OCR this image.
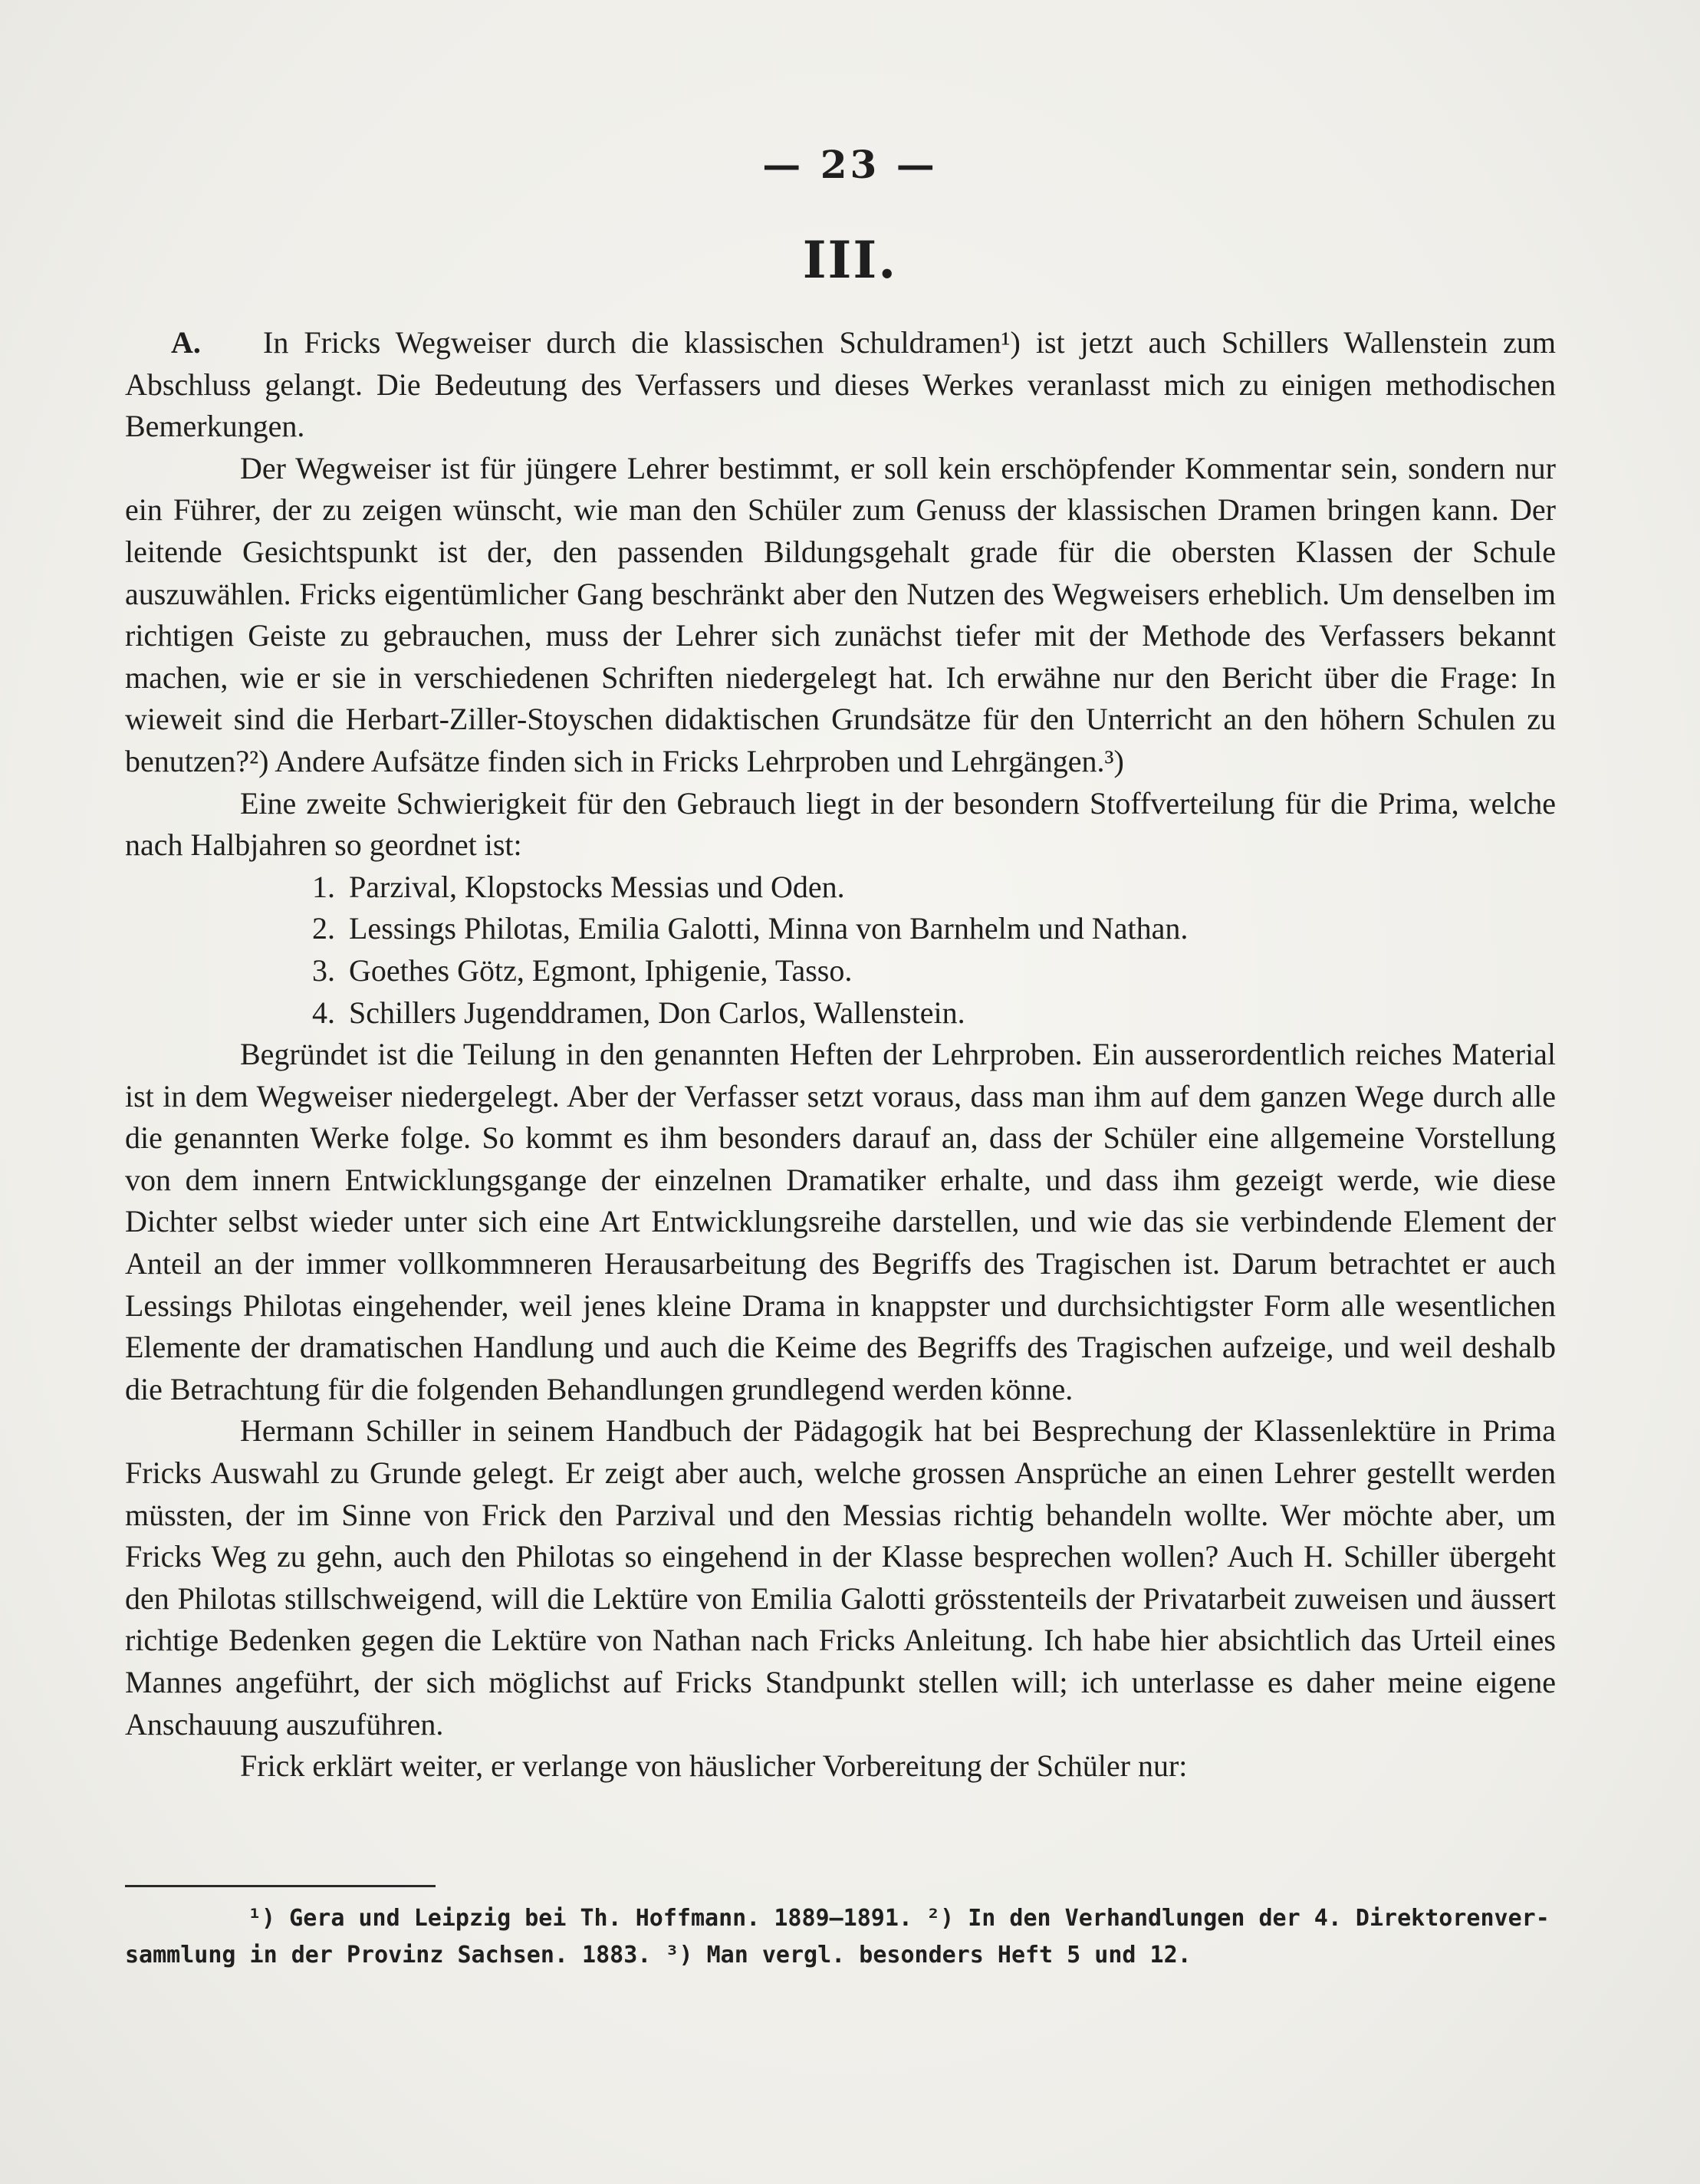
— 23 —
III.

A. In Fricks Wegweiser durch die klassischen Schuldramen¹) ist jetzt auch Schillers Wallenstein zum Abschluss gelangt. Die Bedeutung des Verfassers und dieses Werkes veranlasst mich zu einigen methodischen Bemerkungen.

Der Wegweiser ist für jüngere Lehrer bestimmt, er soll kein erschöpfender Kommentar sein, sondern nur ein Führer, der zu zeigen wünscht, wie man den Schüler zum Genuss der klassischen Dramen bringen kann. Der leitende Gesichtspunkt ist der, den passenden Bildungsgehalt grade für die obersten Klassen der Schule auszuwählen. Fricks eigentümlicher Gang beschränkt aber den Nutzen des Wegweisers erheblich. Um denselben im richtigen Geiste zu gebrauchen, muss der Lehrer sich zunächst tiefer mit der Methode des Verfassers bekannt machen, wie er sie in verschiedenen Schriften niedergelegt hat. Ich erwähne nur den Bericht über die Frage: In wieweit sind die Herbart-Ziller-Stoyschen didaktischen Grundsätze für den Unterricht an den höhern Schulen zu benutzen?²) Andere Aufsätze finden sich in Fricks Lehrproben und Lehrgängen.³)

Eine zweite Schwierigkeit für den Gebrauch liegt in der besondern Stoffverteilung für die Prima, welche nach Halbjahren so geordnet ist:

1. Parzival, Klopstocks Messias und Oden.
2. Lessings Philotas, Emilia Galotti, Minna von Barnhelm und Nathan.
3. Goethes Götz, Egmont, Iphigenie, Tasso.
4. Schillers Jugenddramen, Don Carlos, Wallenstein.

Begründet ist die Teilung in den genannten Heften der Lehrproben. Ein ausserordentlich reiches Material ist in dem Wegweiser niedergelegt. Aber der Verfasser setzt voraus, dass man ihm auf dem ganzen Wege durch alle die genannten Werke folge. So kommt es ihm besonders darauf an, dass der Schüler eine allgemeine Vorstellung von dem innern Entwicklungsgange der einzelnen Dramatiker erhalte, und dass ihm gezeigt werde, wie diese Dichter selbst wieder unter sich eine Art Entwicklungsreihe darstellen, und wie das sie verbindende Element der Anteil an der immer vollkommneren Herausarbeitung des Begriffs des Tragischen ist. Darum betrachtet er auch Lessings Philotas eingehender, weil jenes kleine Drama in knappster und durchsichtigster Form alle wesentlichen Elemente der dramatischen Handlung und auch die Keime des Begriffs des Tragischen aufzeige, und weil deshalb die Betrachtung für die folgenden Behandlungen grundlegend werden könne.

Hermann Schiller in seinem Handbuch der Pädagogik hat bei Besprechung der Klassenlektüre in Prima Fricks Auswahl zu Grunde gelegt. Er zeigt aber auch, welche grossen Ansprüche an einen Lehrer gestellt werden müssten, der im Sinne von Frick den Parzival und den Messias richtig behandeln wollte. Wer möchte aber, um Fricks Weg zu gehn, auch den Philotas so eingehend in der Klasse besprechen wollen? Auch H. Schiller übergeht den Philotas stillschweigend, will die Lektüre von Emilia Galotti grösstenteils der Privatarbeit zuweisen und äussert richtige Bedenken gegen die Lektüre von Nathan nach Fricks Anleitung. Ich habe hier absichtlich das Urteil eines Mannes angeführt, der sich möglichst auf Fricks Standpunkt stellen will; ich unterlasse es daher meine eigene Anschauung auszuführen.

Frick erklärt weiter, er verlange von häuslicher Vorbereitung der Schüler nur:

¹) Gera und Leipzig bei Th. Hoffmann. 1889–1891. ²) In den Verhandlungen der 4. Direktorenver-

sammlung in der Provinz Sachsen. 1883. ³) Man vergl. besonders Heft 5 und 12.
